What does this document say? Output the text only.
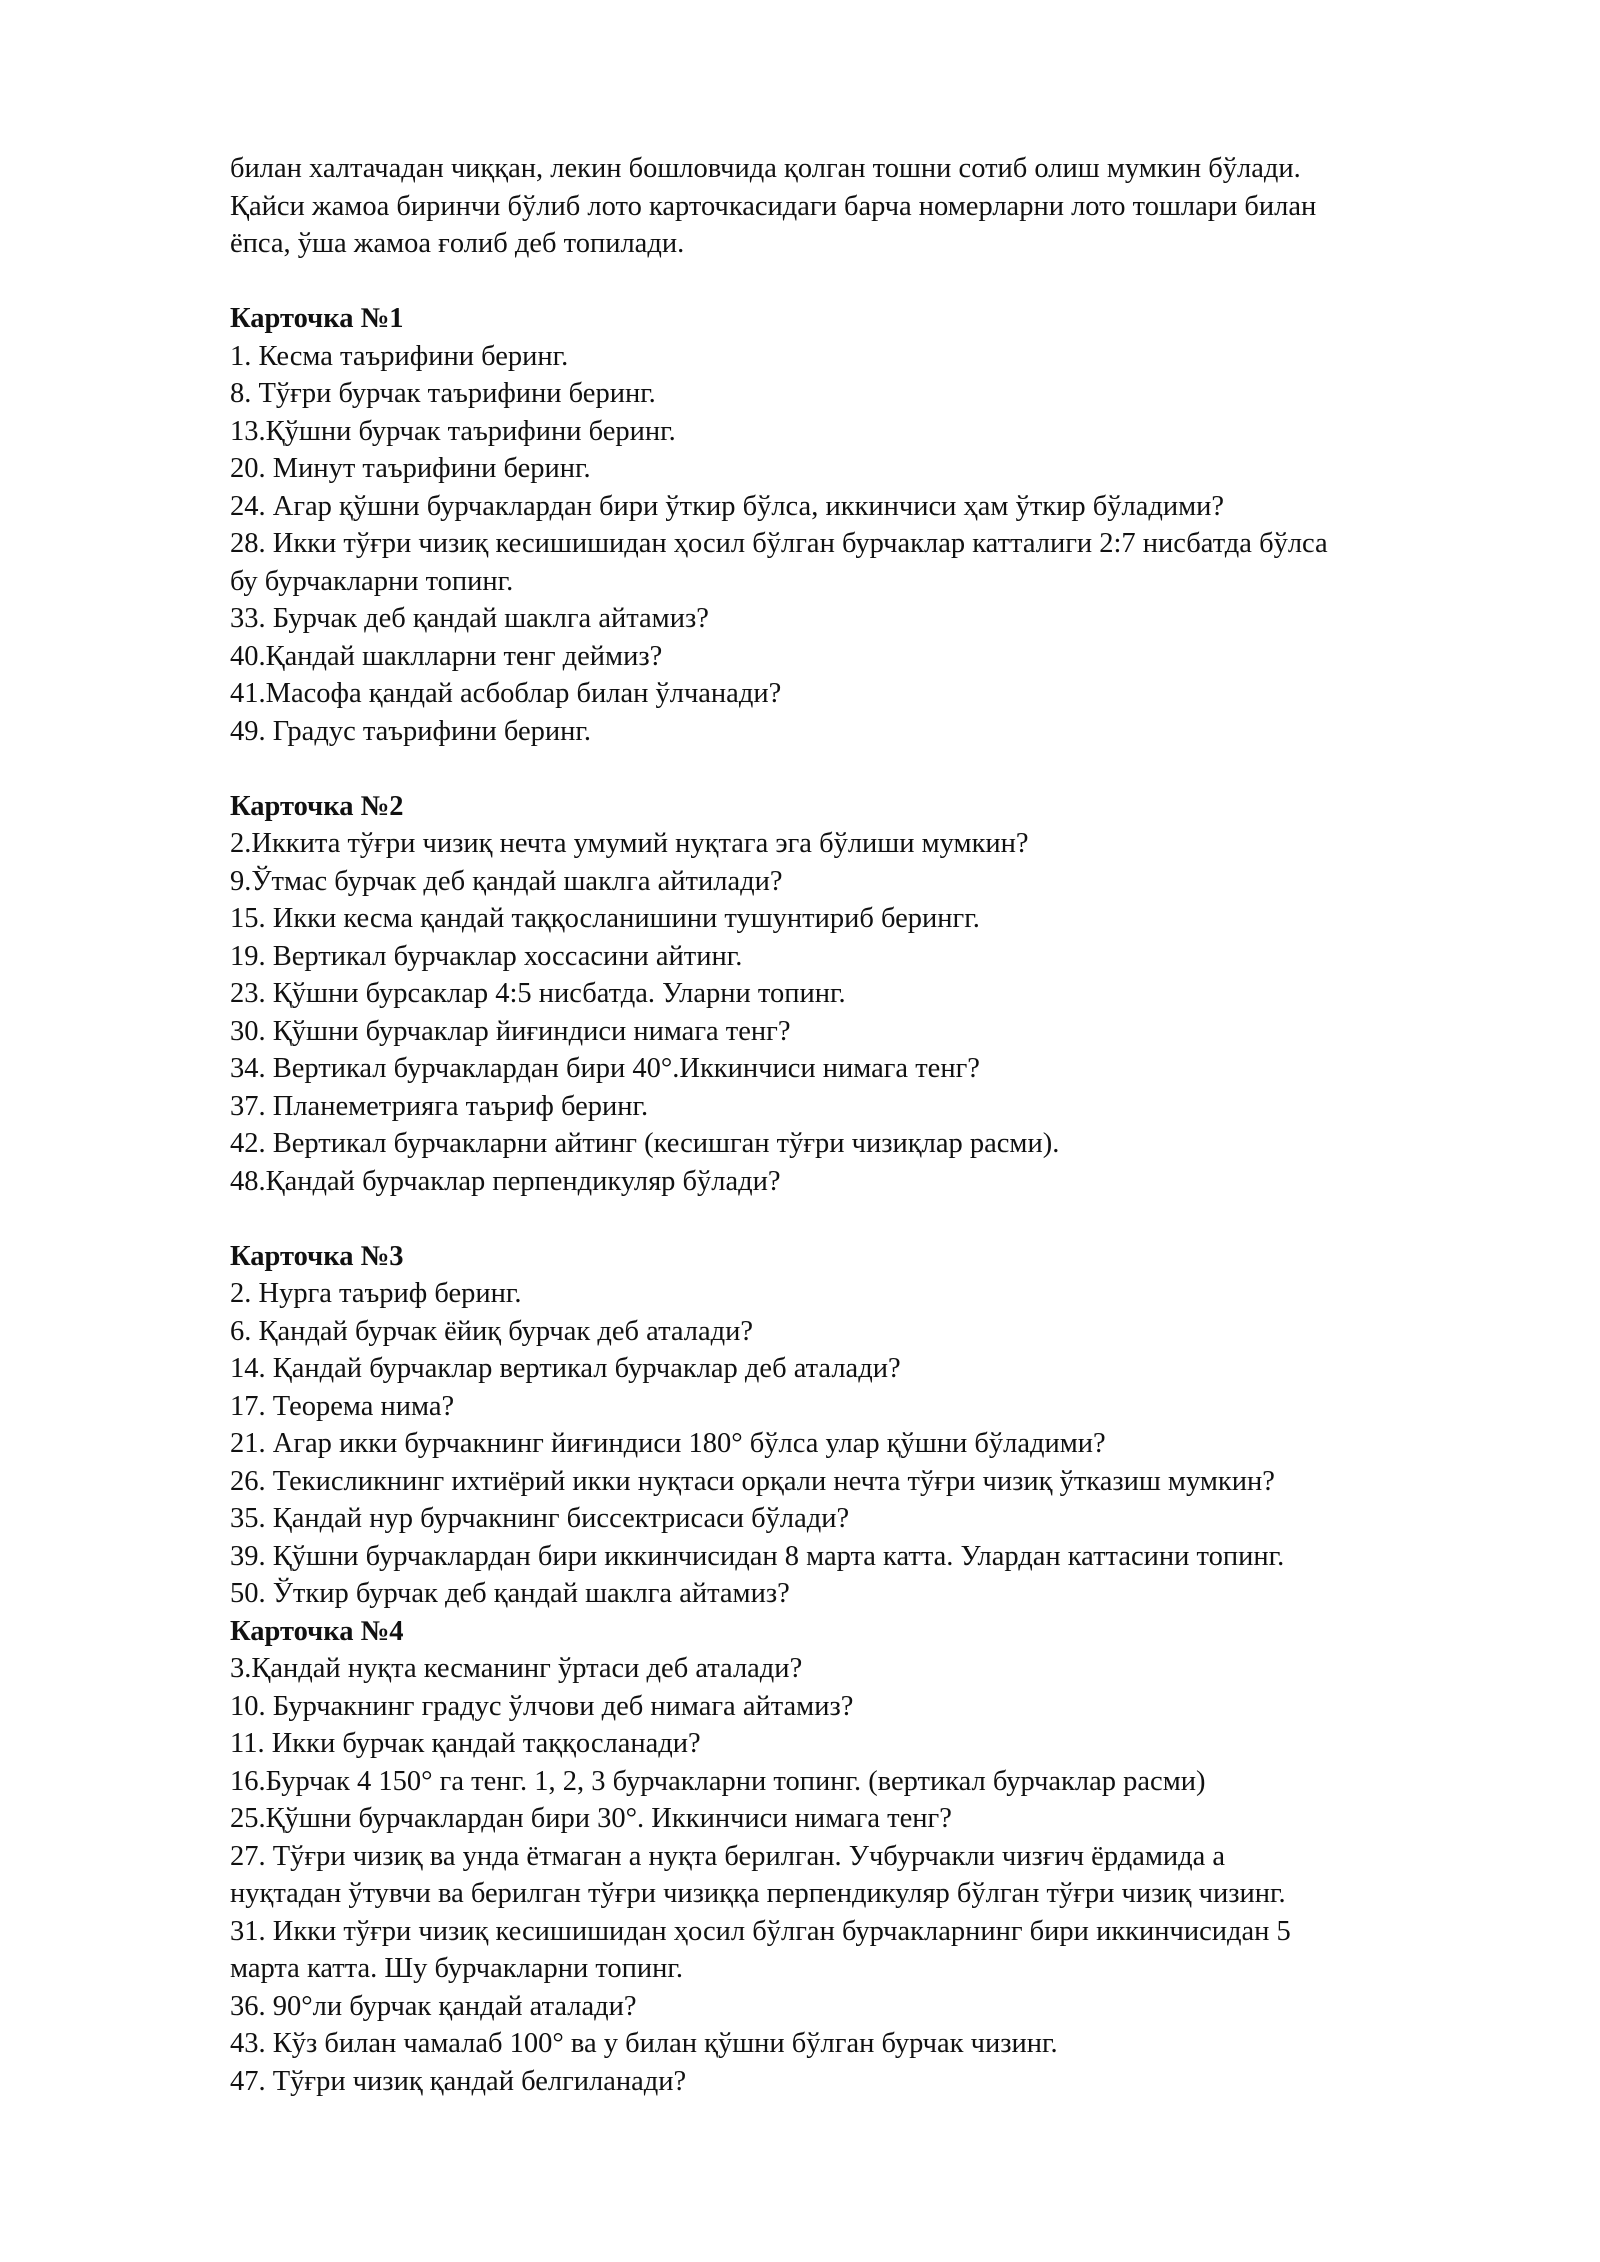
билан халтачадан чиққан, лекин бошловчида қолган тошни сотиб олиш мумкин бўлади.
Қайси жамоа биринчи бўлиб лото карточкасидаги барча номерларни лото тошлари билан
ёпса, ўша жамоа ғолиб деб топилади.

Карточка №1
1. Кесма таърифини беринг.
8. Тўғри бурчак таърифини беринг.
13.Қўшни бурчак таърифини беринг.
20. Минут таърифини беринг.
24. Агар қўшни бурчаклардан бири ўткир бўлса, иккинчиси ҳам ўткир бўладими?
28. Икки тўғри чизиқ кесишишидан ҳосил бўлган бурчаклар катталиги 2:7 нисбатда бўлса
бу бурчакларни топинг.
33. Бурчак деб қандай шаклга айтамиз?
40.Қандай шаклларни тенг деймиз?
41.Масофа қандай асбоблар билан ўлчанади?
49. Градус таърифини беринг.
Карточка №2
2.Иккита тўғри чизиқ нечта умумий нуқтага эга бўлиши мумкин?
9.Ўтмас бурчак деб қандай шаклга айтилади?
15. Икки кесма қандай таққосланишини тушунтириб берингг.
19. Вертикал бурчаклар хоссасини айтинг.
23. Қўшни бурсаклар 4:5 нисбатда. Уларни топинг.
30. Қўшни бурчаклар йиғиндиси нимага тенг?
34. Вертикал бурчаклардан бири 40°.Иккинчиси нимага тенг?
37. Планеметрияга таъриф беринг.
42. Вертикал бурчакларни айтинг (кесишган тўғри чизиқлар расми).
48.Қандай бурчаклар перпендикуляр бўлади?
Карточка №3
2. Нурга таъриф беринг.
6. Қандай бурчак ёйиқ бурчак деб аталади?
14. Қандай бурчаклар вертикал бурчаклар деб аталади?
17. Теорема нима?
21. Агар икки бурчакнинг йиғиндиси 180° бўлса улар қўшни бўладими?
26. Текисликнинг ихтиёрий икки нуқтаси орқали нечта тўғри чизиқ ўтказиш мумкин?
35. Қандай нур бурчакнинг биссектрисаси бўлади?
39. Қўшни бурчаклардан бири иккинчисидан 8 марта катта. Улардан каттасини топинг.
50. Ўткир бурчак деб қандай шаклга айтамиз?
Карточка №4
3.Қандай нуқта кесманинг ўртаси деб аталади?
10. Бурчакнинг градус ўлчови деб нимага айтамиз?
11. Икки бурчак қандай таққосланади?
16.Бурчак 4 150° га тенг. 1, 2, 3 бурчакларни топинг. (вертикал бурчаклар расми)
25.Қўшни бурчаклардан бири 30°. Иккинчиси нимага тенг?
27. Тўғри чизиқ ва унда ётмаган а нуқта берилган. Учбурчакли чизғич ёрдамида а
нуқтадан ўтувчи ва берилган тўғри чизиққа перпендикуляр бўлган тўғри чизиқ чизинг.
31. Икки тўғри чизиқ кесишишидан ҳосил бўлган бурчакларнинг бири иккинчисидан 5
марта катта. Шу бурчакларни топинг.
36. 90°ли бурчак қандай аталади?
43. Кўз билан чамалаб 100° ва у билан қўшни бўлган бурчак чизинг.
47. Тўғри чизиқ қандай белгиланади?
